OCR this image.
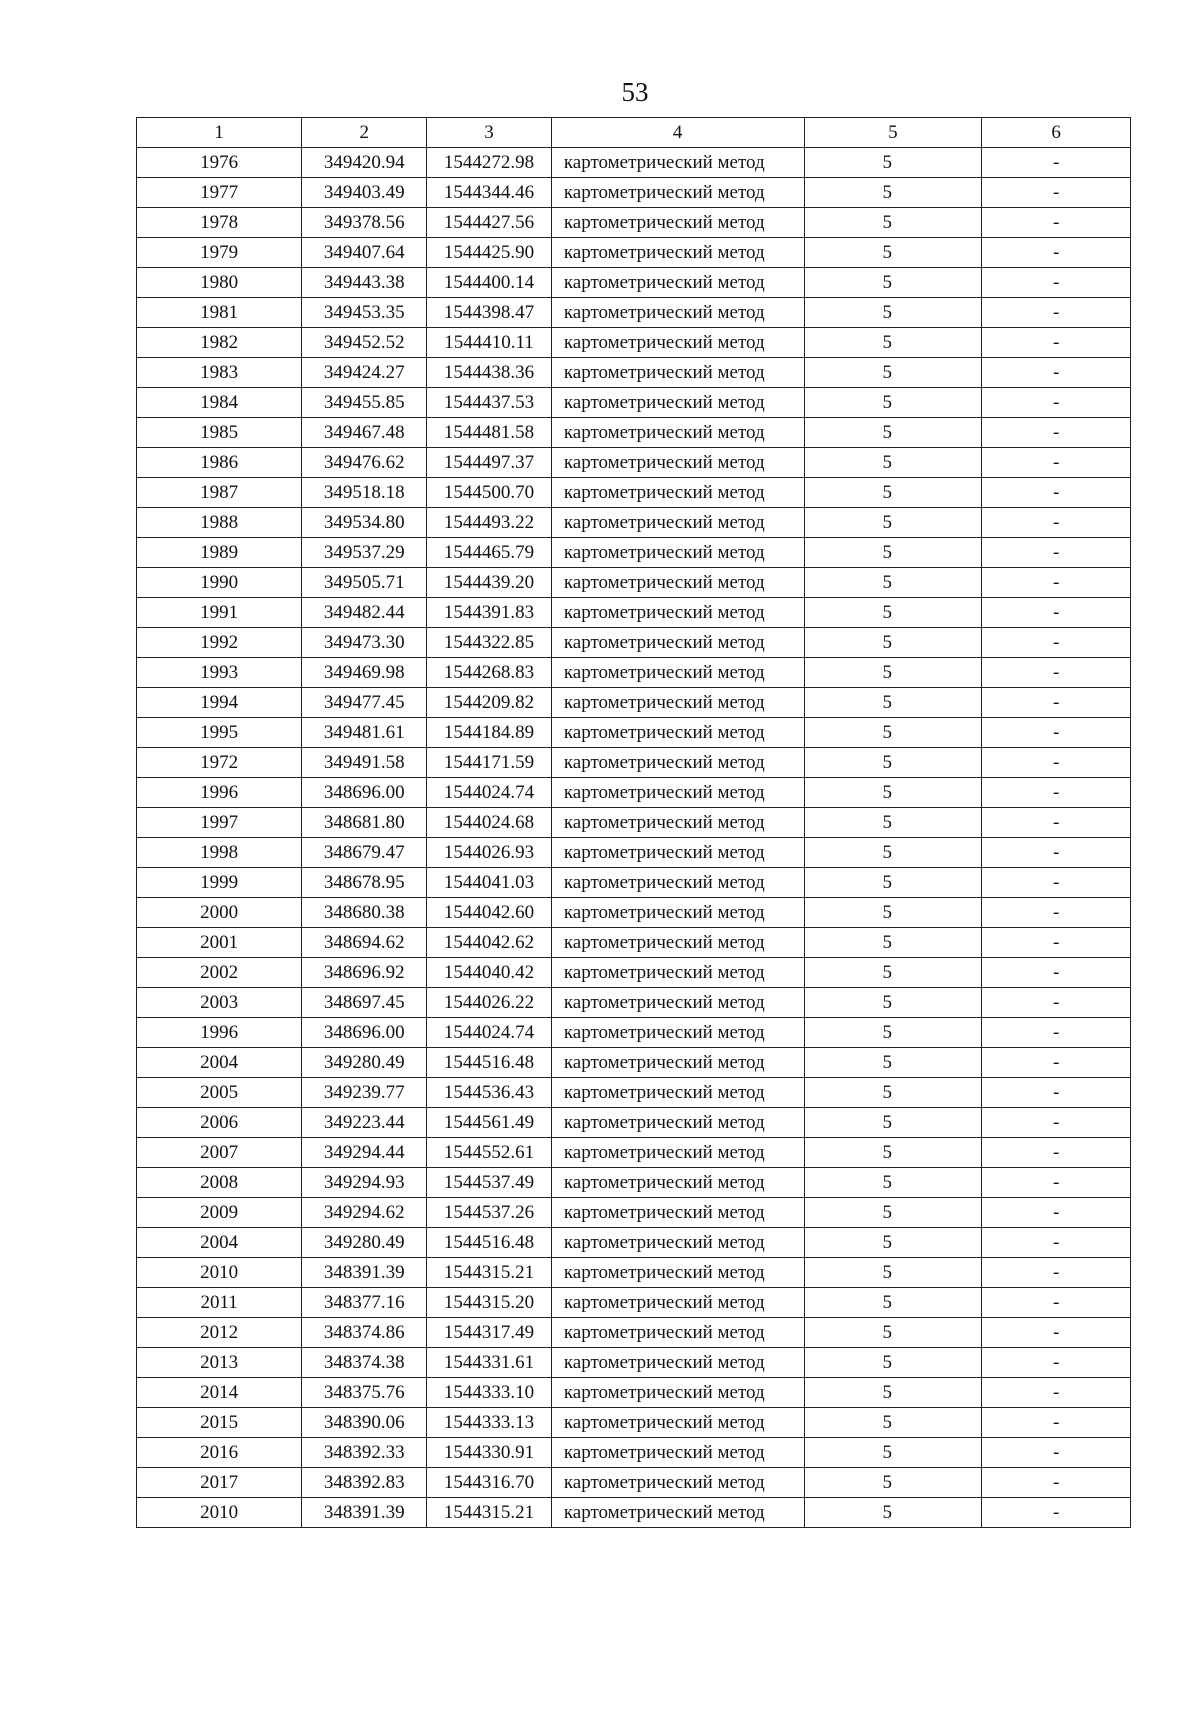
53
1	2	3	4	5	6
1976	349420.94	1544272.98	картометрический метод	5	-
1977	349403.49	1544344.46	картометрический метод	5	-
1978	349378.56	1544427.56	картометрический метод	5	-
1979	349407.64	1544425.90	картометрический метод	5	-
1980	349443.38	1544400.14	картометрический метод	5	-
1981	349453.35	1544398.47	картометрический метод	5	-
1982	349452.52	1544410.11	картометрический метод	5	-
1983	349424.27	1544438.36	картометрический метод	5	-
1984	349455.85	1544437.53	картометрический метод	5	-
1985	349467.48	1544481.58	картометрический метод	5	-
1986	349476.62	1544497.37	картометрический метод	5	-
1987	349518.18	1544500.70	картометрический метод	5	-
1988	349534.80	1544493.22	картометрический метод	5	-
1989	349537.29	1544465.79	картометрический метод	5	-
1990	349505.71	1544439.20	картометрический метод	5	-
1991	349482.44	1544391.83	картометрический метод	5	-
1992	349473.30	1544322.85	картометрический метод	5	-
1993	349469.98	1544268.83	картометрический метод	5	-
1994	349477.45	1544209.82	картометрический метод	5	-
1995	349481.61	1544184.89	картометрический метод	5	-
1972	349491.58	1544171.59	картометрический метод	5	-
1996	348696.00	1544024.74	картометрический метод	5	-
1997	348681.80	1544024.68	картометрический метод	5	-
1998	348679.47	1544026.93	картометрический метод	5	-
1999	348678.95	1544041.03	картометрический метод	5	-
2000	348680.38	1544042.60	картометрический метод	5	-
2001	348694.62	1544042.62	картометрический метод	5	-
2002	348696.92	1544040.42	картометрический метод	5	-
2003	348697.45	1544026.22	картометрический метод	5	-
1996	348696.00	1544024.74	картометрический метод	5	-
2004	349280.49	1544516.48	картометрический метод	5	-
2005	349239.77	1544536.43	картометрический метод	5	-
2006	349223.44	1544561.49	картометрический метод	5	-
2007	349294.44	1544552.61	картометрический метод	5	-
2008	349294.93	1544537.49	картометрический метод	5	-
2009	349294.62	1544537.26	картометрический метод	5	-
2004	349280.49	1544516.48	картометрический метод	5	-
2010	348391.39	1544315.21	картометрический метод	5	-
2011	348377.16	1544315.20	картометрический метод	5	-
2012	348374.86	1544317.49	картометрический метод	5	-
2013	348374.38	1544331.61	картометрический метод	5	-
2014	348375.76	1544333.10	картометрический метод	5	-
2015	348390.06	1544333.13	картометрический метод	5	-
2016	348392.33	1544330.91	картометрический метод	5	-
2017	348392.83	1544316.70	картометрический метод	5	-
2010	348391.39	1544315.21	картометрический метод	5	-
